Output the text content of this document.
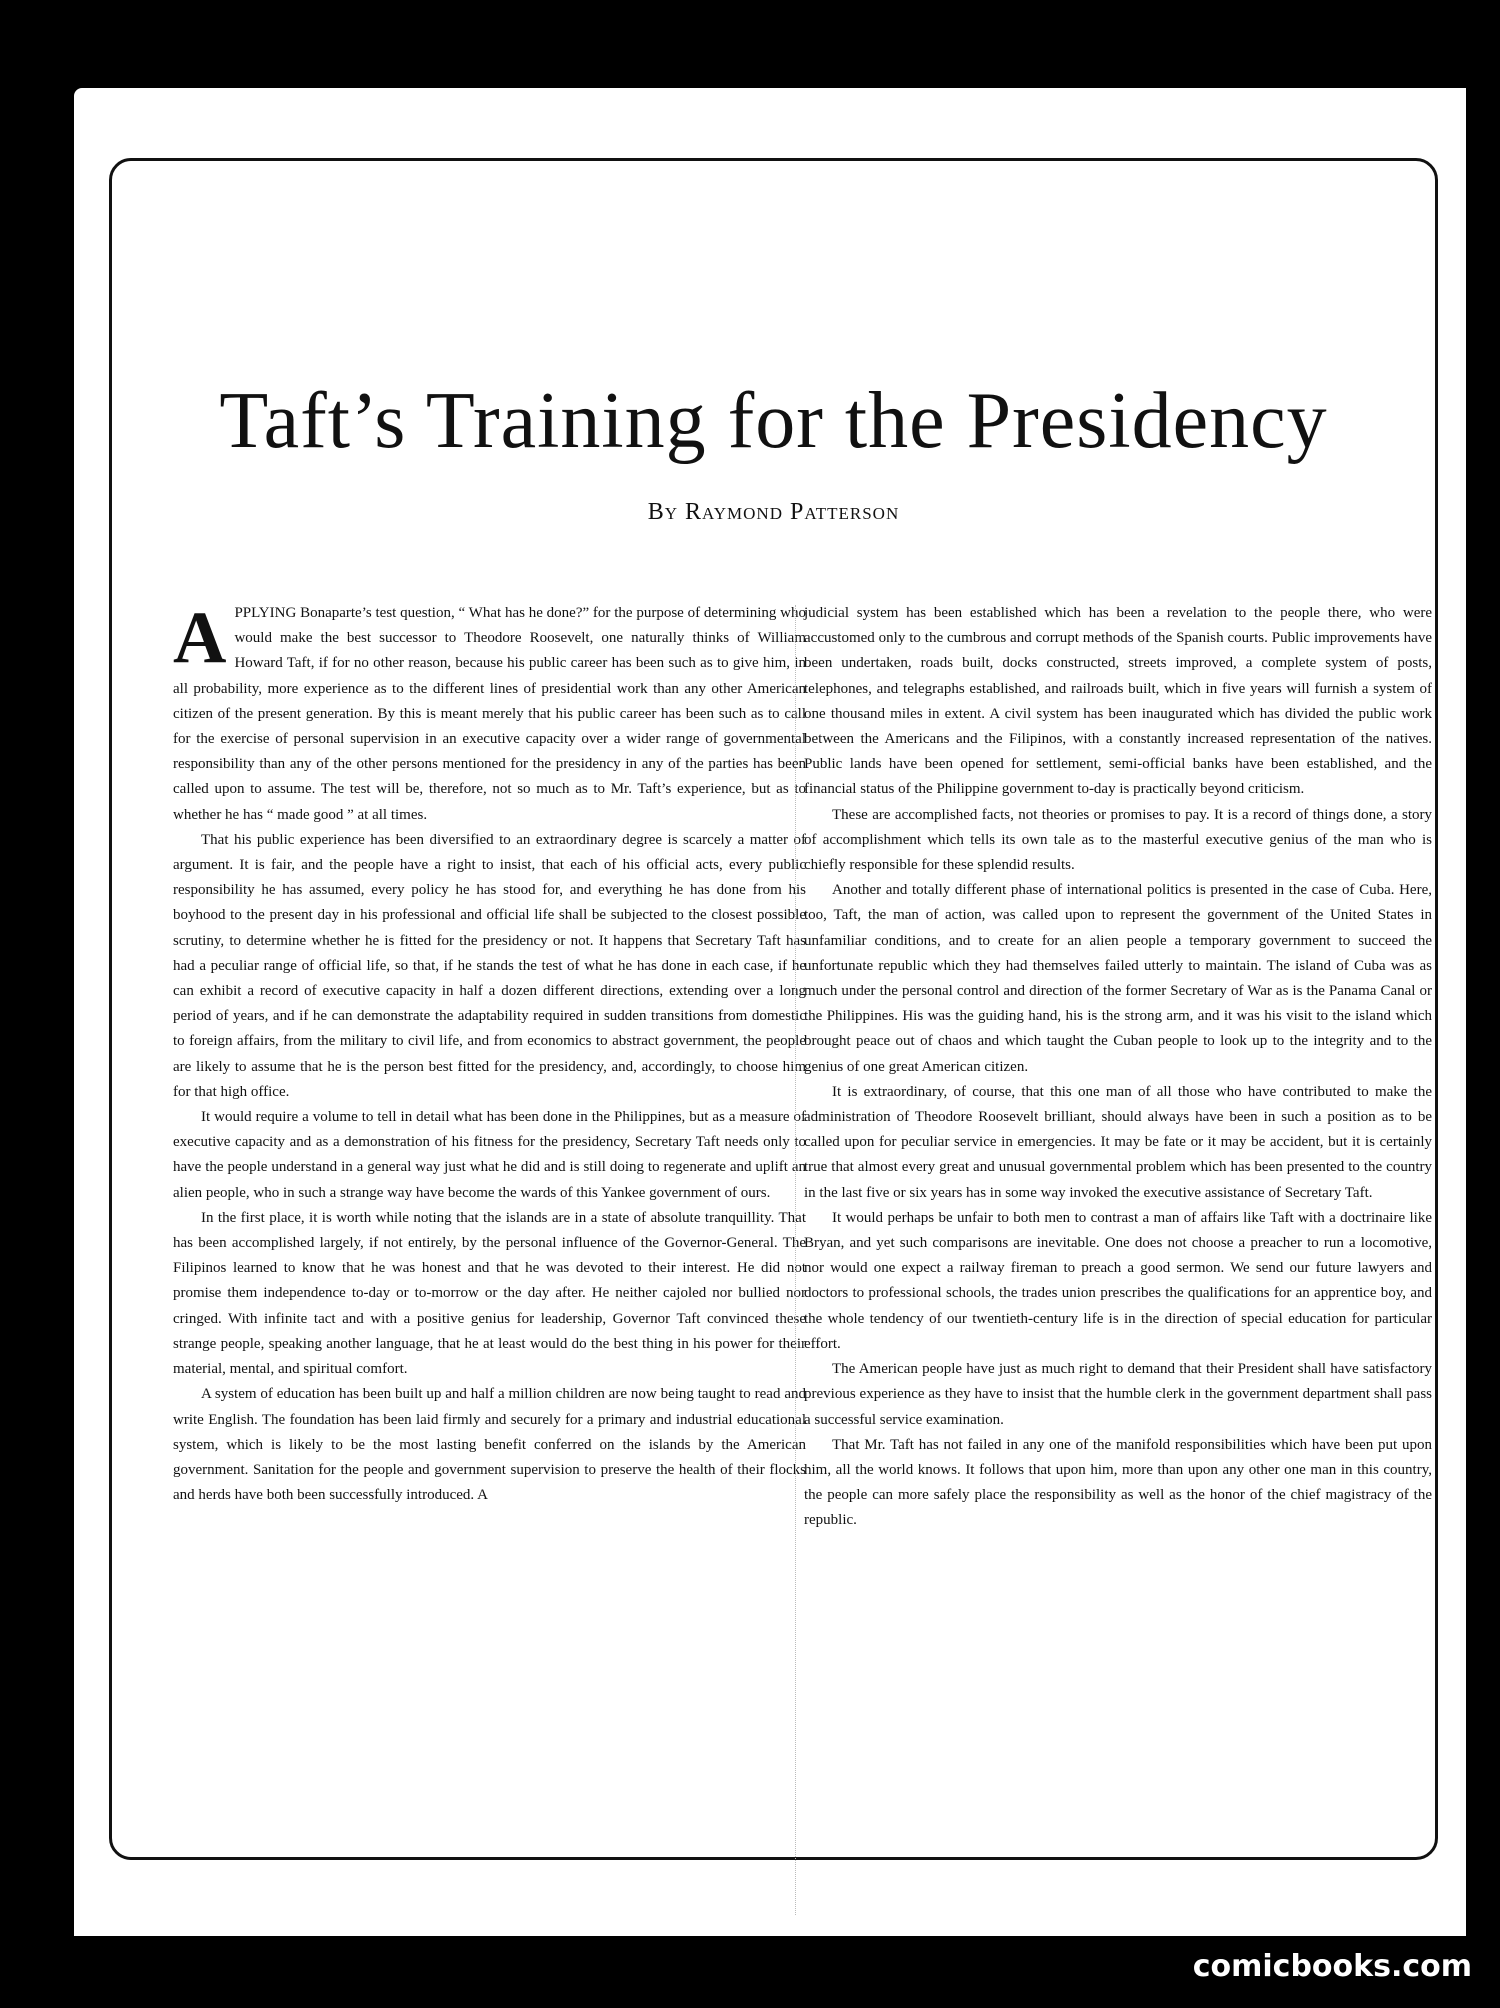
Taft’s Training for the Presidency
By Raymond Patterson

APPLYING Bonaparte’s test question, “ What has he done?” for the purpose of determining who would make the best successor to Theodore Roosevelt, one naturally thinks of William Howard Taft, if for no other reason, because his public career has been such as to give him, in all probability, more experience as to the different lines of presidential work than any other American citizen of the present generation. By this is meant merely that his public career has been such as to call for the exercise of personal supervision in an executive capacity over a wider range of governmental responsibility than any of the other persons mentioned for the presidency in any of the parties has been called upon to assume. The test will be, therefore, not so much as to Mr. Taft’s experience, but as to whether he has “ made good ” at all times.

That his public experience has been diversified to an extraordinary degree is scarcely a matter of argument. It is fair, and the people have a right to insist, that each of his official acts, every public responsibility he has assumed, every policy he has stood for, and everything he has done from his boyhood to the present day in his professional and official life shall be subjected to the closest possible scrutiny, to determine whether he is fitted for the presidency or not. It happens that Secretary Taft has had a peculiar range of official life, so that, if he stands the test of what he has done in each case, if he can exhibit a record of executive capacity in half a dozen different directions, extending over a long period of years, and if he can demonstrate the adaptability required in sudden transitions from domestic to foreign affairs, from the military to civil life, and from economics to abstract government, the people are likely to assume that he is the person best fitted for the presidency, and, accordingly, to choose him for that high office.

It would require a volume to tell in detail what has been done in the Philippines, but as a measure of executive capacity and as a demonstration of his fitness for the presidency, Secretary Taft needs only to have the people understand in a general way just what he did and is still doing to regenerate and uplift an alien people, who in such a strange way have become the wards of this Yankee government of ours.

In the first place, it is worth while noting that the islands are in a state of absolute tranquillity. That has been accomplished largely, if not entirely, by the personal influence of the Governor-General. The Filipinos learned to know that he was honest and that he was devoted to their interest. He did not promise them independence to-day or to-morrow or the day after. He neither cajoled nor bullied nor cringed. With infinite tact and with a positive genius for leadership, Governor Taft convinced these strange people, speaking another language, that he at least would do the best thing in his power for their material, mental, and spiritual comfort.

A system of education has been built up and half a million children are now being taught to read and write English. The foundation has been laid firmly and securely for a primary and industrial educational system, which is likely to be the most lasting benefit conferred on the islands by the American government. Sanitation for the people and government supervision to preserve the health of their flocks and herds have both been successfully introduced. A

judicial system has been established which has been a revelation to the people there, who were accustomed only to the cumbrous and corrupt methods of the Spanish courts. Public improvements have been undertaken, roads built, docks constructed, streets improved, a complete system of posts, telephones, and telegraphs established, and railroads built, which in five years will furnish a system of one thousand miles in extent. A civil system has been inaugurated which has divided the public work between the Americans and the Filipinos, with a constantly increased representation of the natives. Public lands have been opened for settlement, semi-official banks have been established, and the financial status of the Philippine government to-day is practically beyond criticism.

These are accomplished facts, not theories or promises to pay. It is a record of things done, a story of accomplishment which tells its own tale as to the masterful executive genius of the man who is chiefly responsible for these splendid results.

Another and totally different phase of international politics is presented in the case of Cuba. Here, too, Taft, the man of action, was called upon to represent the government of the United States in unfamiliar conditions, and to create for an alien people a temporary government to succeed the unfortunate republic which they had themselves failed utterly to maintain. The island of Cuba was as much under the personal control and direction of the former Secretary of War as is the Panama Canal or the Philippines. His was the guiding hand, his is the strong arm, and it was his visit to the island which brought peace out of chaos and which taught the Cuban people to look up to the integrity and to the genius of one great American citizen.

It is extraordinary, of course, that this one man of all those who have contributed to make the administration of Theodore Roosevelt brilliant, should always have been in such a position as to be called upon for peculiar service in emergencies. It may be fate or it may be accident, but it is certainly true that almost every great and unusual governmental problem which has been presented to the country in the last five or six years has in some way invoked the executive assistance of Secretary Taft.

It would perhaps be unfair to both men to contrast a man of affairs like Taft with a doctrinaire like Bryan, and yet such comparisons are inevitable. One does not choose a preacher to run a locomotive, nor would one expect a railway fireman to preach a good sermon. We send our future lawyers and doctors to professional schools, the trades union prescribes the qualifications for an apprentice boy, and the whole tendency of our twentieth-century life is in the direction of special education for particular effort.

The American people have just as much right to demand that their President shall have satisfactory previous experience as they have to insist that the humble clerk in the government department shall pass a successful service examination.

That Mr. Taft has not failed in any one of the manifold responsibilities which have been put upon him, all the world knows. It follows that upon him, more than upon any other one man in this country, the people can more safely place the responsibility as well as the honor of the chief magistracy of the republic.

comicbooks.com
